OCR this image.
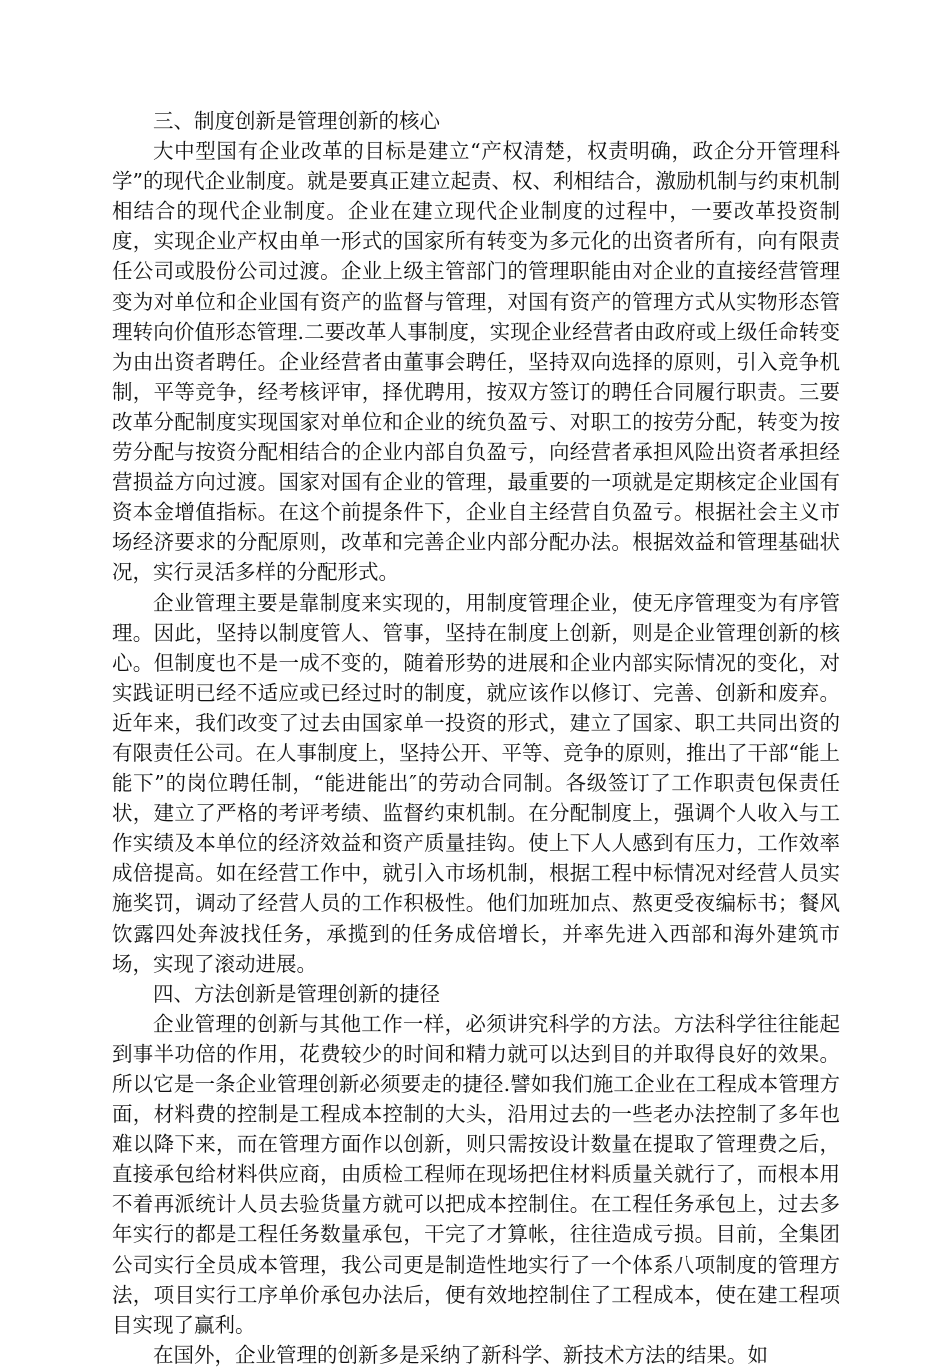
三、制度创新是管理创新的核心

大中型国有企业改革的目标是建立“产权清楚，权责明确，政企分开管理科学”的现代企业制度。就是要真正建立起责、权、利相结合，激励机制与约束机制相结合的现代企业制度。企业在建立现代企业制度的过程中，一要改革投资制度，实现企业产权由单一形式的国家所有转变为多元化的出资者所有，向有限责任公司或股份公司过渡。企业上级主管部门的管理职能由对企业的直接经营管理变为对单位和企业国有资产的监督与管理，对国有资产的管理方式从实物形态管理转向价值形态管理.二要改革人事制度，实现企业经营者由政府或上级任命转变为由出资者聘任。企业经营者由董事会聘任，坚持双向选择的原则，引入竞争机制，平等竞争，经考核评审，择优聘用，按双方签订的聘任合同履行职责。三要改革分配制度实现国家对单位和企业的统负盈亏、对职工的按劳分配，转变为按劳分配与按资分配相结合的企业内部自负盈亏，向经营者承担风险出资者承担经营损益方向过渡。国家对国有企业的管理，最重要的一项就是定期核定企业国有资本金增值指标。在这个前提条件下，企业自主经营自负盈亏。根据社会主义市场经济要求的分配原则，改革和完善企业内部分配办法。根据效益和管理基础状况，实行灵活多样的分配形式。

企业管理主要是靠制度来实现的，用制度管理企业，使无序管理变为有序管理。因此，坚持以制度管人、管事，坚持在制度上创新，则是企业管理创新的核心。但制度也不是一成不变的，随着形势的进展和企业内部实际情况的变化，对实践证明已经不适应或已经过时的制度，就应该作以修订、完善、创新和废弃。近年来，我们改变了过去由国家单一投资的形式，建立了国家、职工共同出资的有限责任公司。在人事制度上，坚持公开、平等、竞争的原则，推出了干部“能上能下”的岗位聘任制，“能进能出″的劳动合同制。各级签订了工作职责包保责任状，建立了严格的考评考绩、监督约束机制。在分配制度上，强调个人收入与工作实绩及本单位的经济效益和资产质量挂钩。使上下人人感到有压力，工作效率成倍提高。如在经营工作中，就引入市场机制，根据工程中标情况对经营人员实施奖罚，调动了经营人员的工作积极性。他们加班加点、熬更受夜编标书；餐风饮露四处奔波找任务，承揽到的任务成倍增长，并率先进入西部和海外建筑市场，实现了滚动进展。

四、方法创新是管理创新的捷径

企业管理的创新与其他工作一样，必须讲究科学的方法。方法科学往往能起到事半功倍的作用，花费较少的时间和精力就可以达到目的并取得良好的效果。所以它是一条企业管理创新必须要走的捷径.譬如我们施工企业在工程成本管理方面，材料费的控制是工程成本控制的大头，沿用过去的一些老办法控制了多年也难以降下来，而在管理方面作以创新，则只需按设计数量在提取了管理费之后，直接承包给材料供应商，由质检工程师在现场把住材料质量关就行了，而根本用不着再派统计人员去验货量方就可以把成本控制住。在工程任务承包上，过去多年实行的都是工程任务数量承包，干完了才算帐，往往造成亏损。目前，全集团公司实行全员成本管理，我公司更是制造性地实行了一个体系八项制度的管理方法，项目实行工序单价承包办法后，便有效地控制住了工程成本，使在建工程项目实现了赢利。

在国外，企业管理的创新多是采纳了新科学、新技术方法的结果。如
